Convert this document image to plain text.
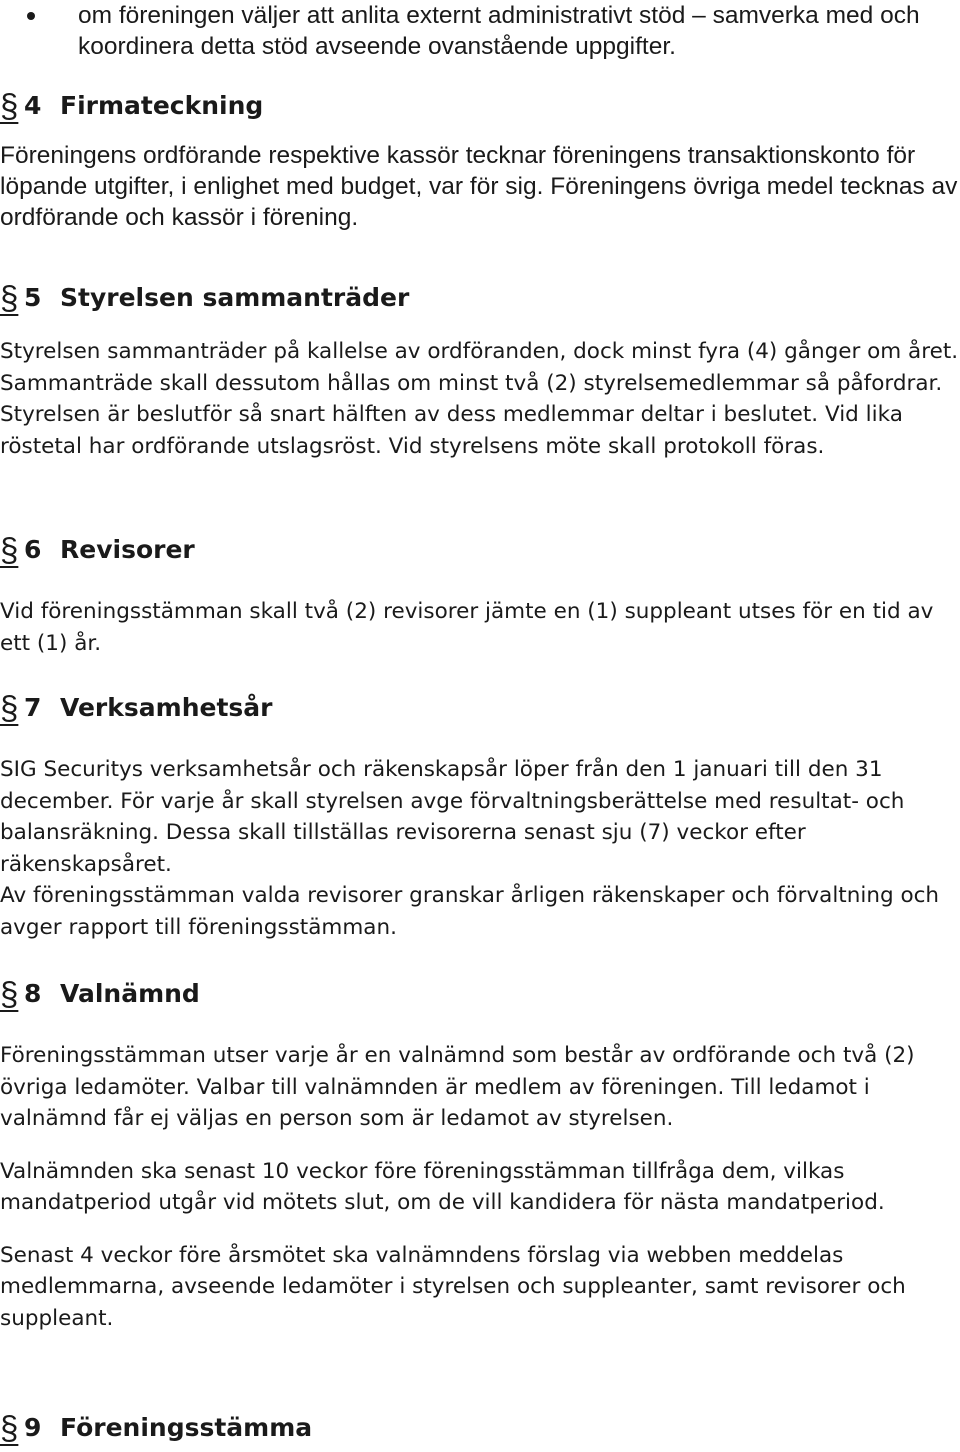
om föreningen väljer att anlita externt administrativt stöd – samverka med och koordinera detta stöd avseende ovanstående uppgifter.
§ 4 Firmateckning

Föreningens ordförande respektive kassör tecknar föreningens transaktionskonto för löpande utgifter, i enlighet med budget, var för sig. Föreningens övriga medel tecknas av ordförande och kassör i förening.

§ 5 Styrelsen sammanträder

Styrelsen sammanträder på kallelse av ordföranden, dock minst fyra (4) gånger om året. Sammanträde skall dessutom hållas om minst två (2) styrelsemedlemmar så påfordrar. Styrelsen är beslutför så snart hälften av dess medlemmar deltar i beslutet. Vid lika röstetal har ordförande utslagsröst. Vid styrelsens möte skall protokoll föras.

§ 6 Revisorer

Vid föreningsstämman skall två (2) revisorer jämte en (1) suppleant utses för en tid av ett (1) år.

§ 7 Verksamhetsår

SIG Securitys verksamhetsår och räkenskapsår löper från den 1 januari till den 31 december. För varje år skall styrelsen avge förvaltningsberättelse med resultat- och balansräkning. Dessa skall tillställas revisorerna senast sju (7) veckor efter räkenskapsåret.

Av föreningsstämman valda revisorer granskar årligen räkenskaper och förvaltning och avger rapport till föreningsstämman.

§ 8 Valnämnd

Föreningsstämman utser varje år en valnämnd som består av ordförande och två (2) övriga ledamöter. Valbar till valnämnden är medlem av föreningen. Till ledamot i valnämnd får ej väljas en person som är ledamot av styrelsen.

Valnämnden ska senast 10 veckor före föreningsstämman tillfråga dem, vilkas mandatperiod utgår vid mötets slut, om de vill kandidera för nästa mandatperiod.

Senast 4 veckor före årsmötet ska valnämndens förslag via webben meddelas medlemmarna, avseende ledamöter i styrelsen och suppleanter, samt revisorer och suppleant.

§ 9 Föreningsstämma
